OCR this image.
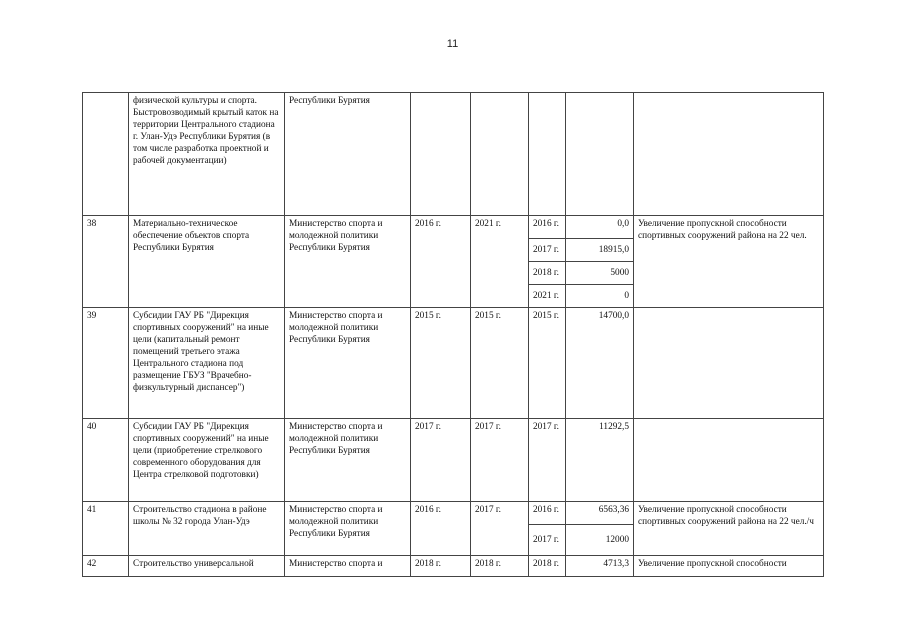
11
	физической культуры и спорта. Быстровозводимый крытый каток на территории Центрального стадиона г. Улан-Удэ Республики Бурятия (в том числе разработка проектной и рабочей документации)	Республики Бурятия					
38	Материально-техническое обеспечение объектов спорта Республики Бурятия	Министерство спорта и молодежной политики Республики Бурятия	2016 г.	2021 г.	2016 г.	0,0	Увеличение пропускной способности спортивных сооружений района на 22 чел.
					2017 г.	18915,0	
					2018 г.	5000	
					2021 г.	0	
39	Субсидии ГАУ РБ "Дирекция спортивных сооружений" на иные цели (капитальный ремонт помещений третьего этажа Центрального стадиона под размещение ГБУЗ "Врачебно-физкультурный диспансер")	Министерство спорта и молодежной политики Республики Бурятия	2015 г.	2015 г.	2015 г.	14700,0	
40	Субсидии ГАУ РБ "Дирекция спортивных сооружений" на иные цели (приобретение стрелкового современного оборудования для Центра стрелковой подготовки)	Министерство спорта и молодежной политики Республики Бурятия	2017 г.	2017 г.	2017 г.	11292,5	
41	Строительство стадиона в районе школы № 32 города Улан-Удэ	Министерство спорта и молодежной политики Республики Бурятия	2016 г.	2017 г.	2016 г.	6563,36	Увеличение пропускной способности спортивных сооружений района на 22 чел./ч
					2017 г.	12000	
42	Строительство универсальной	Министерство спорта и	2018 г.	2018 г.	2018 г.	4713,3	Увеличение пропускной способности
